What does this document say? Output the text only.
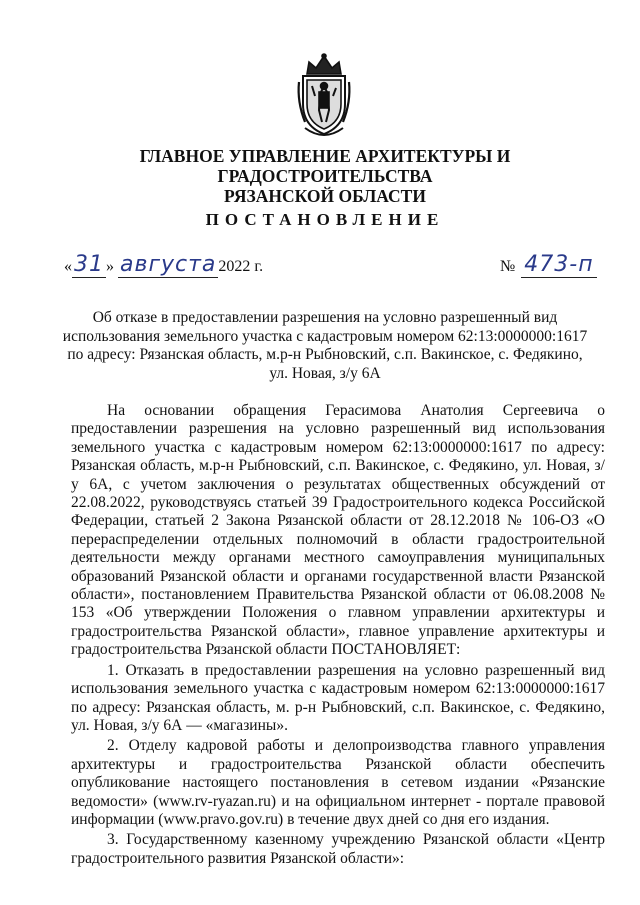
ГЛАВНОЕ УПРАВЛЕНИЕ АРХИТЕКТУРЫ И ГРАДОСТРОИТЕЛЬСТВА
РЯЗАНСКОЙ ОБЛАСТИ
ПОСТАНОВЛЕНИЕ
« 31 » августа 2022 г.	№ 473-п
Об отказе в предоставлении разрешения на условно разрешенный вид
использования земельного участка с кадастровым номером 62:13:0000000:1617
по адресу: Рязанская область, м.р-н Рыбновский, с.п. Вакинское, с. Федякино,
ул. Новая, з/у 6А

На основании обращения Герасимова Анатолия Сергеевича о предоставлении разрешения на условно разрешенный вид использования земельного участка с кадастровым номером 62:13:0000000:1617 по адресу: Рязанская область, м.р-н Рыбновский, с.п. Вакинское, с. Федякино, ул. Новая, з/у 6А, с учетом заключения о результатах общественных обсуждений от 22.08.2022, руководствуясь статьей 39 Градостроительного кодекса Российской Федерации, статьей 2 Закона Рязанской области от 28.12.2018 № 106-ОЗ «О перераспределении отдельных полномочий в области градостроительной деятельности между органами местного самоуправления муниципальных образований Рязанской области и органами государственной власти Рязанской области», постановлением Правительства Рязанской области от 06.08.2008 № 153 «Об утверждении Положения о главном управлении архитектуры и градостроительства Рязанской области», главное управление архитектуры и градостроительства Рязанской области ПОСТАНОВЛЯЕТ:

1. Отказать в предоставлении разрешения на условно разрешенный вид использования земельного участка с кадастровым номером 62:13:0000000:1617 по адресу: Рязанская область, м. р-н Рыбновский, с.п. Вакинское, с. Федякино, ул. Новая, з/у 6А — «магазины».

2. Отделу кадровой работы и делопроизводства главного управления архитектуры и градостроительства Рязанской области обеспечить опубликование настоящего постановления в сетевом издании «Рязанские ведомости» (www.rv-ryazan.ru) и на официальном интернет - портале правовой информации (www.pravo.gov.ru) в течение двух дней со дня его издания.

3. Государственному казенному учреждению Рязанской области «Центр градостроительного развития Рязанской области»:
